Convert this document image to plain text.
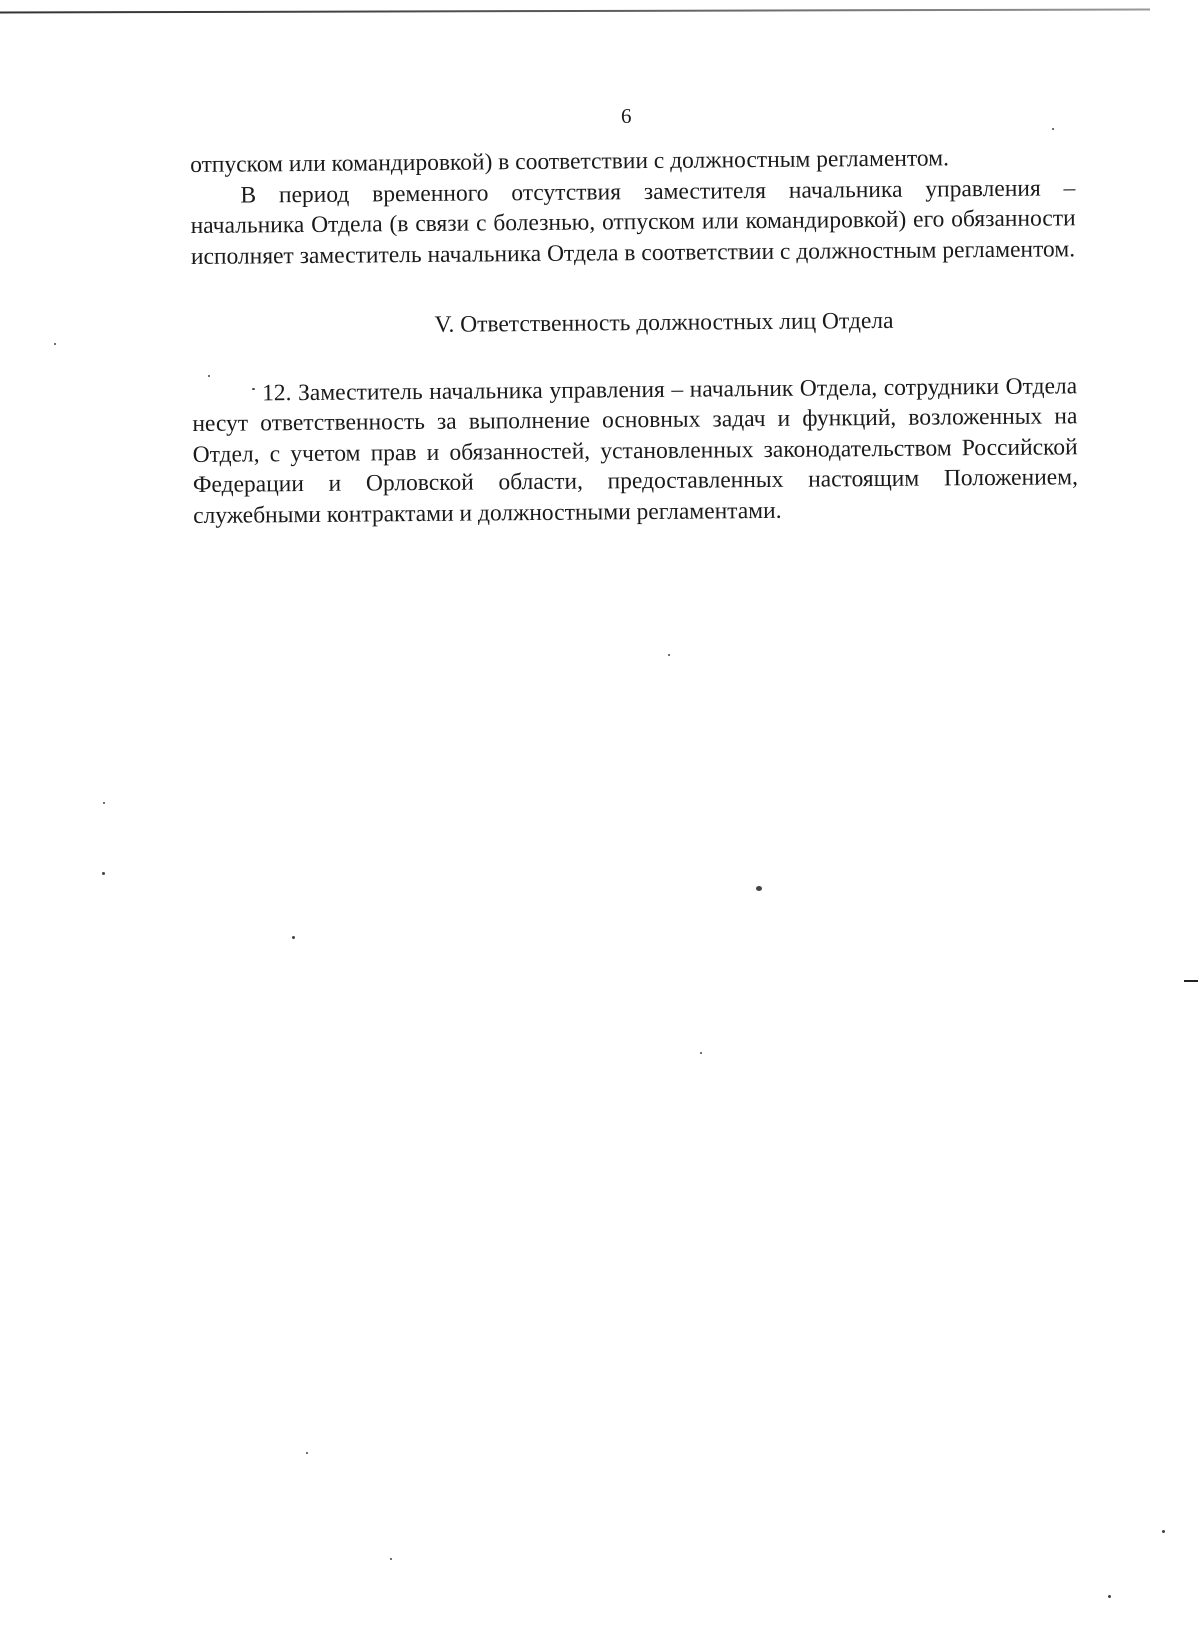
6

отпуском или командировкой) в соответствии с должностным регламентом.

В период временного отсутствия заместителя начальника управления – начальника Отдела (в связи с болезнью, отпуском или командировкой) его обязанности исполняет заместитель начальника Отдела в соответствии с должностным регламентом.

V. Ответственность должностных лиц Отдела

12. Заместитель начальника управления – начальник Отдела, сотрудники Отдела несут ответственность за выполнение основных задач и функций, возложенных на Отдел, с учетом прав и обязанностей, установленных законодательством Российской Федерации и Орловской области, предоставленных настоящим Положением, служебными контрактами и должностными регламентами.
